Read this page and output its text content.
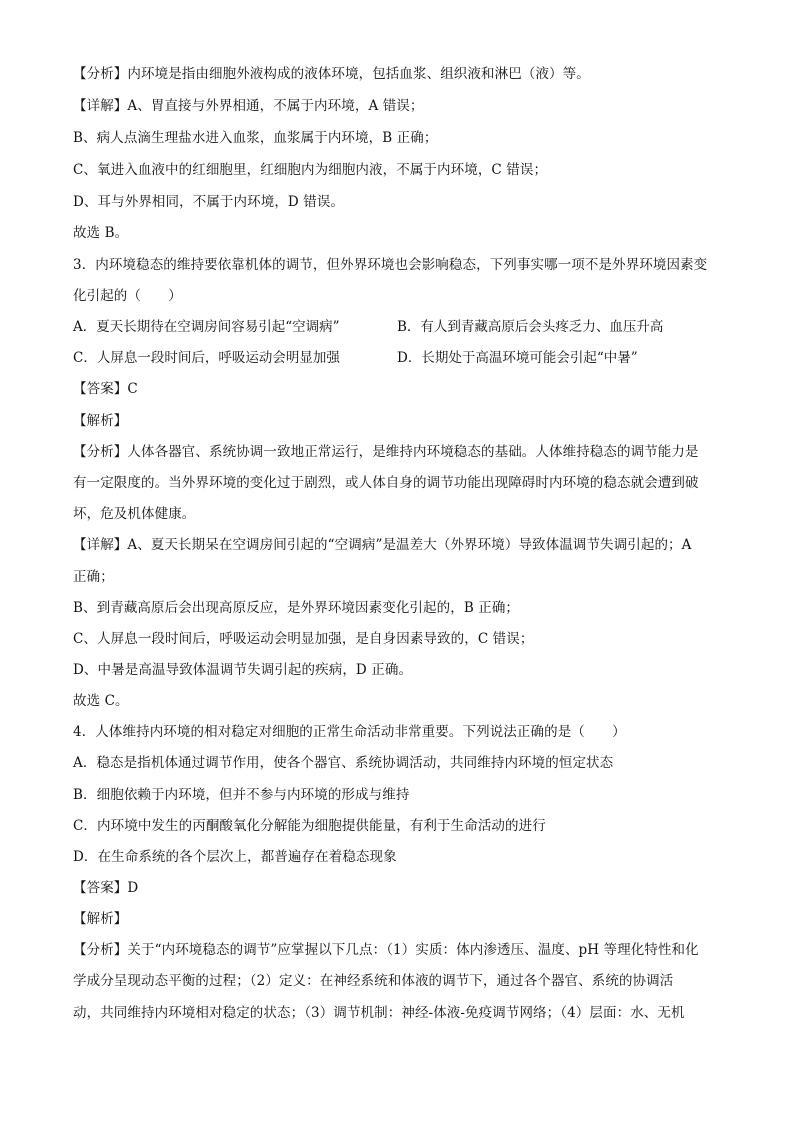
【分析】内环境是指由细胞外液构成的液体环境，包括血浆、组织液和淋巴（液）等。
【详解】A、胃直接与外界相通，不属于内环境，A 错误；
B、病人点滴生理盐水进入血浆，血浆属于内环境，B 正确；
C、氧进入血液中的红细胞里，红细胞内为细胞内液，不属于内环境，C 错误；
D、耳与外界相同，不属于内环境，D 错误。
故选 B。
3．内环境稳态的维持要依靠机体的调节，但外界环境也会影响稳态，下列事实哪一项不是外界环境因素变
化引起的（　　）
A．夏天长期待在空调房间容易引起“空调病”	B．有人到青藏高原后会头疼乏力、血压升高
C．人屏息一段时间后，呼吸运动会明显加强	D．长期处于高温环境可能会引起“中暑”
【答案】C
【解析】
【分析】人体各器官、系统协调一致地正常运行，是维持内环境稳态的基础。人体维持稳态的调节能力是
有一定限度的。当外界环境的变化过于剧烈，或人体自身的调节功能出现障碍时内环境的稳态就会遭到破
坏，危及机体健康。
【详解】A、夏天长期呆在空调房间引起的“空调病”是温差大（外界环境）导致体温调节失调引起的；A
正确；
B、到青藏高原后会出现高原反应，是外界环境因素变化引起的，B 正确；
C、人屏息一段时间后，呼吸运动会明显加强，是自身因素导致的，C 错误；
D、中暑是高温导致体温调节失调引起的疾病，D 正确。
故选 C。
4．人体维持内环境的相对稳定对细胞的正常生命活动非常重要。下列说法正确的是（　　）
A．稳态是指机体通过调节作用，使各个器官、系统协调活动，共同维持内环境的恒定状态
B．细胞依赖于内环境，但并不参与内环境的形成与维持
C．内环境中发生的丙酮酸氧化分解能为细胞提供能量，有利于生命活动的进行
D．在生命系统的各个层次上，都普遍存在着稳态现象
【答案】D
【解析】
【分析】关于“内环境稳态的调节”应掌握以下几点：（1）实质：体内渗透压、温度、pH 等理化特性和化
学成分呈现动态平衡的过程；（2）定义：在神经系统和体液的调节下，通过各个器官、系统的协调活
动，共同维持内环境相对稳定的状态；（3）调节机制：神经-体液-免疫调节网络；（4）层面：水、无机
